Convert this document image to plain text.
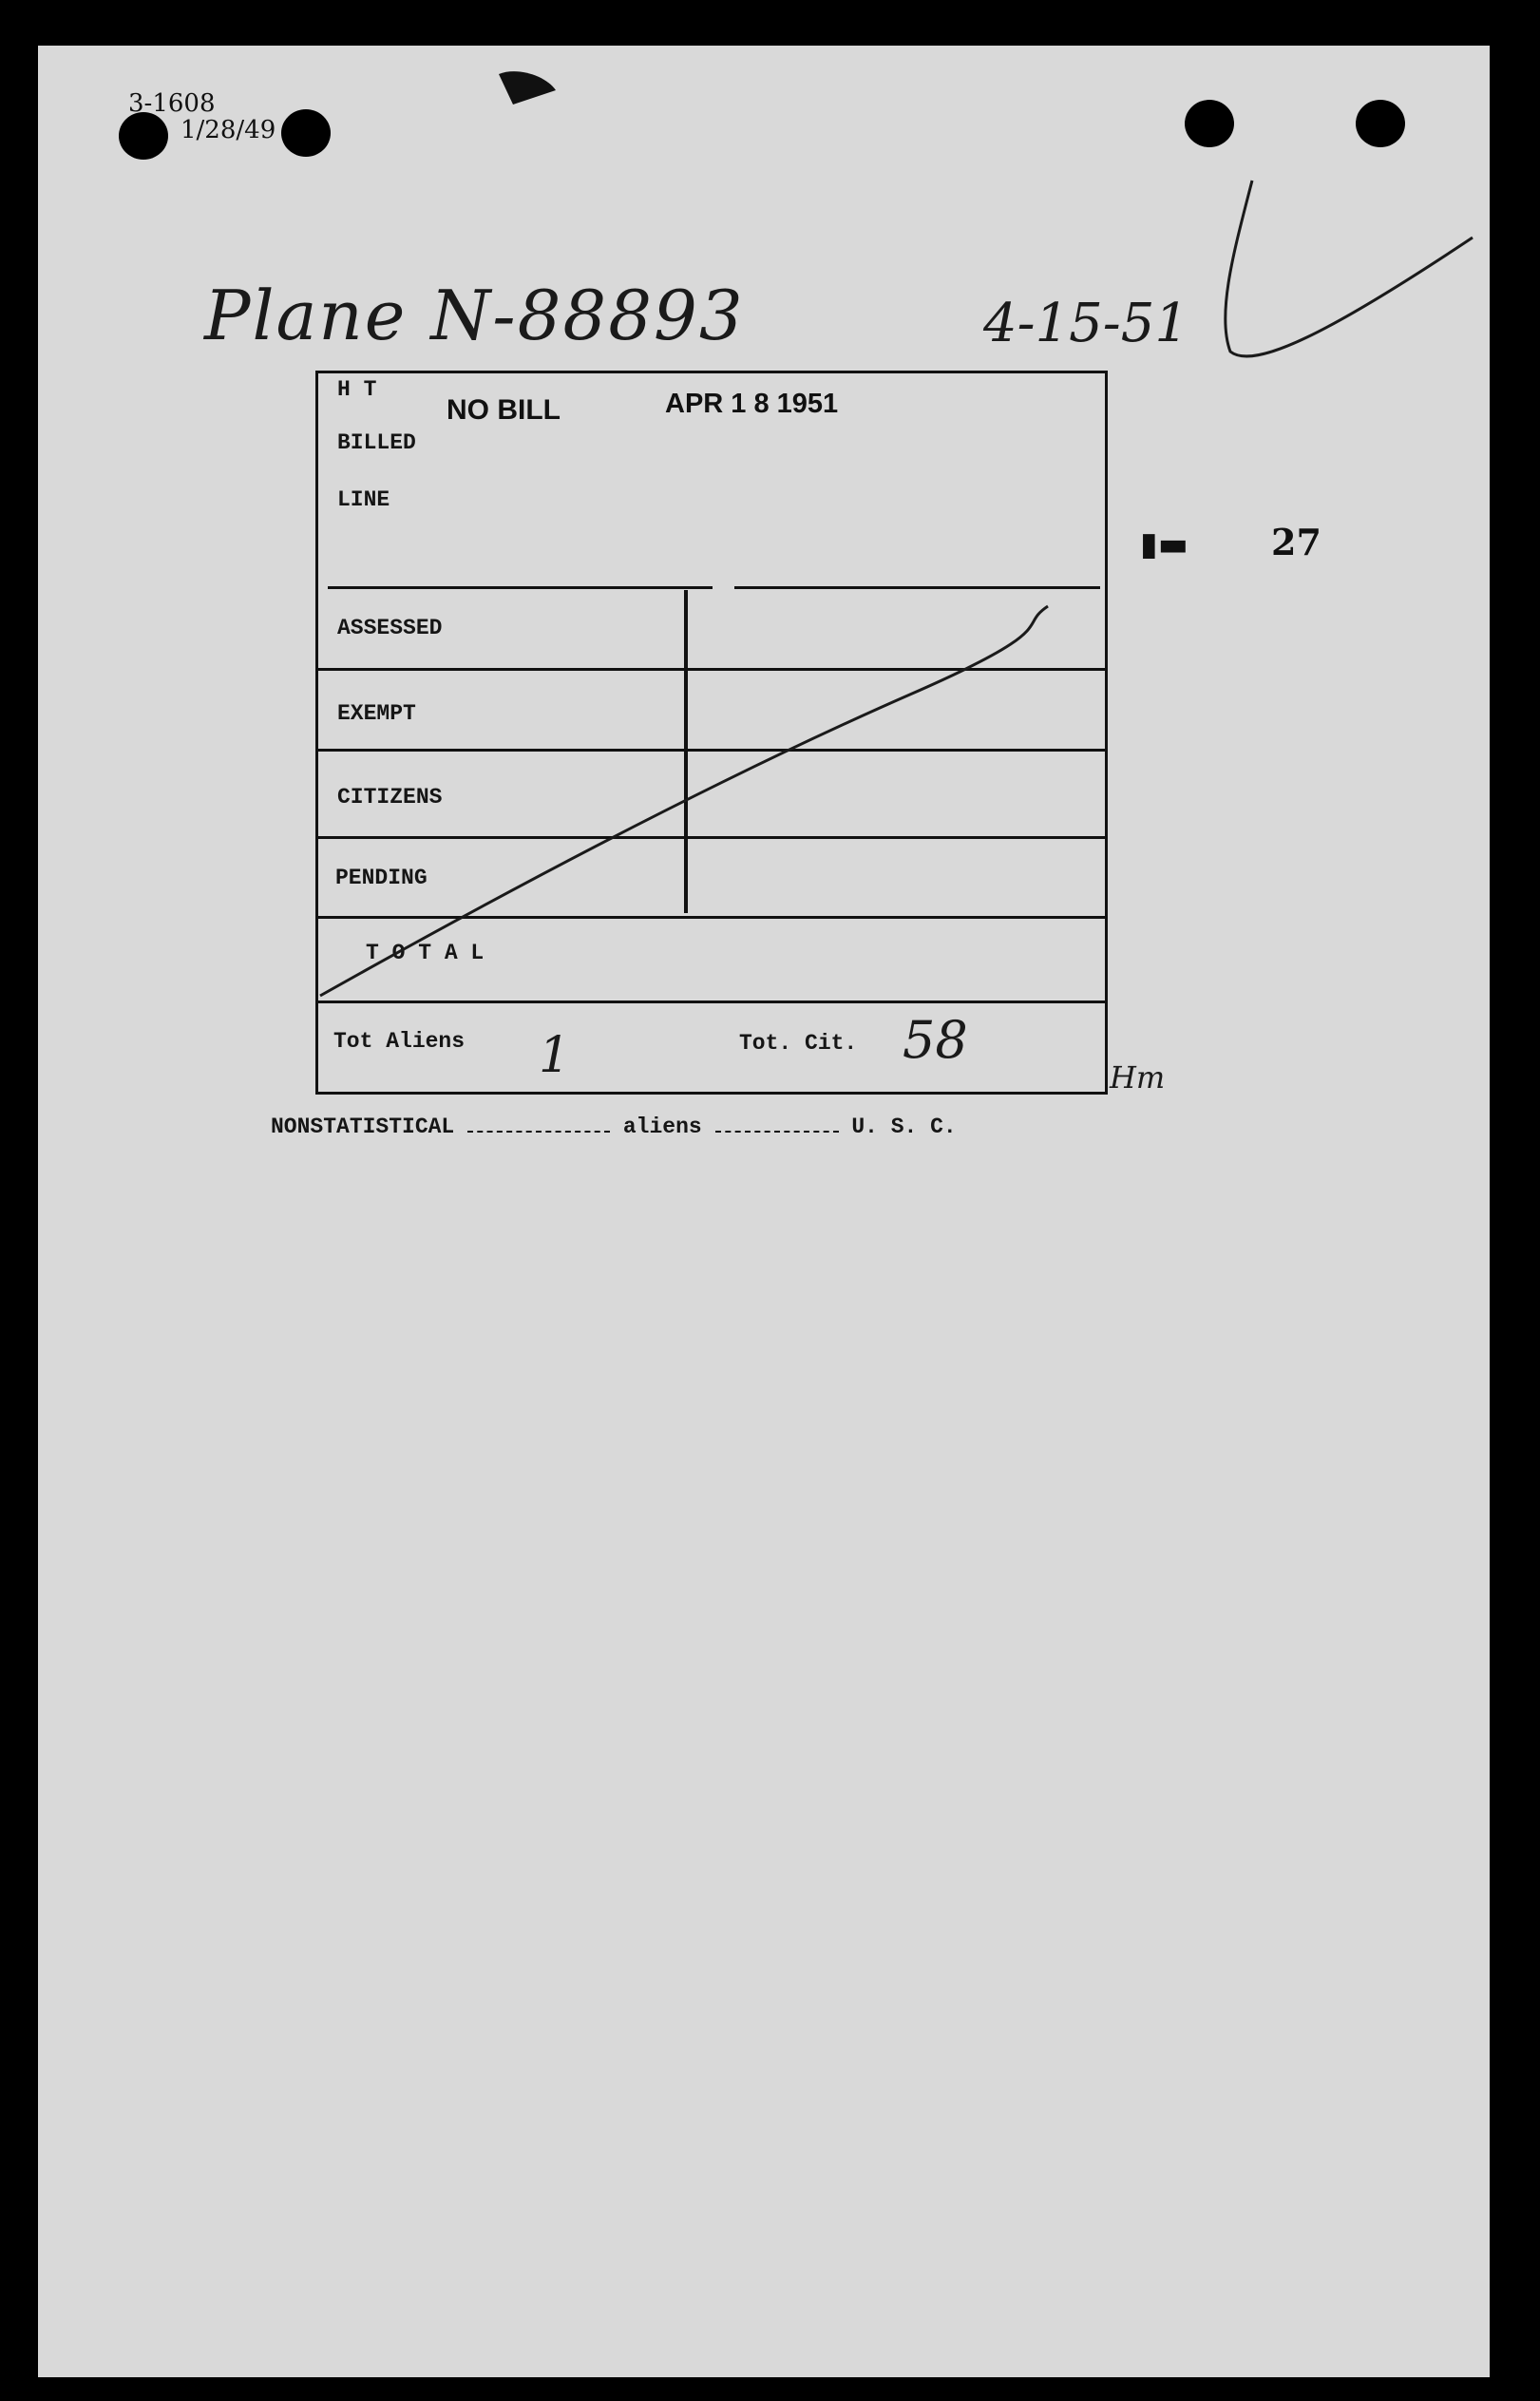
3-1608
1/28/49
Plane N-88893	4-15-51
27
▮▬
H T
BILLED
LINE
NO BILL	APR 1 8 1951
ASSESSED
EXEMPT
CITIZENS
PENDING
T O T A L
Tot Aliens 1	Tot. Cit. 58
Hm
NONSTATISTICAL	aliens	U. S. C.
